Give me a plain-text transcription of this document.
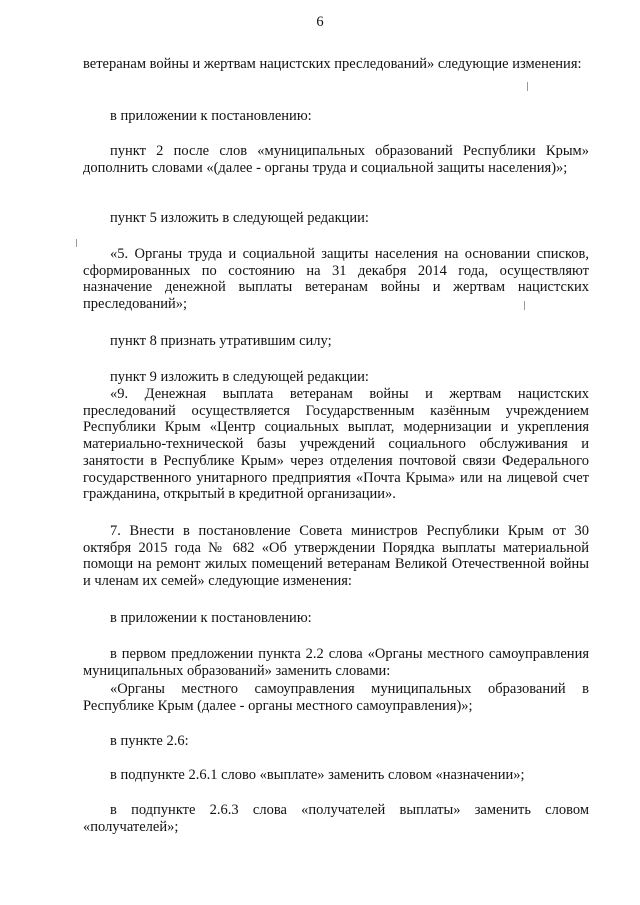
6

ветеранам войны и жертвам нацистских преследований» следующие изменения:

в приложении к постановлению:

пункт 2 после слов «муниципальных образований Республики Крым» дополнить словами «(далее - органы труда и социальной защиты населения)»;

пункт 5 изложить в следующей редакции:

«5. Органы труда и социальной защиты населения на основании списков, сформированных по состоянию на 31 декабря 2014 года, осуществляют назначение денежной выплаты ветеранам войны и жертвам нацистских преследований»;

пункт 8 признать утратившим силу;

пункт 9 изложить в следующей редакции:

«9. Денежная выплата ветеранам войны и жертвам нацистских преследований осуществляется Государственным казённым учреждением Республики Крым «Центр социальных выплат, модернизации и укрепления материально-технической базы учреждений социального обслуживания и занятости в Республике Крым» через отделения почтовой связи Федерального государственного унитарного предприятия «Почта Крыма» или на лицевой счет гражданина, открытый в кредитной организации».

7. Внести в постановление Совета министров Республики Крым от 30 октября 2015 года № 682 «Об утверждении Порядка выплаты материальной помощи на ремонт жилых помещений ветеранам Великой Отечественной войны и членам их семей» следующие изменения:

в приложении к постановлению:

в первом предложении пункта 2.2 слова «Органы местного самоуправления муниципальных образований» заменить словами:

«Органы местного самоуправления муниципальных образований в Республике Крым (далее - органы местного самоуправления)»;

в пункте 2.6:

в подпункте 2.6.1 слово «выплате» заменить словом «назначении»;

в подпункте 2.6.3 слова «получателей выплаты» заменить словом «получателей»;
